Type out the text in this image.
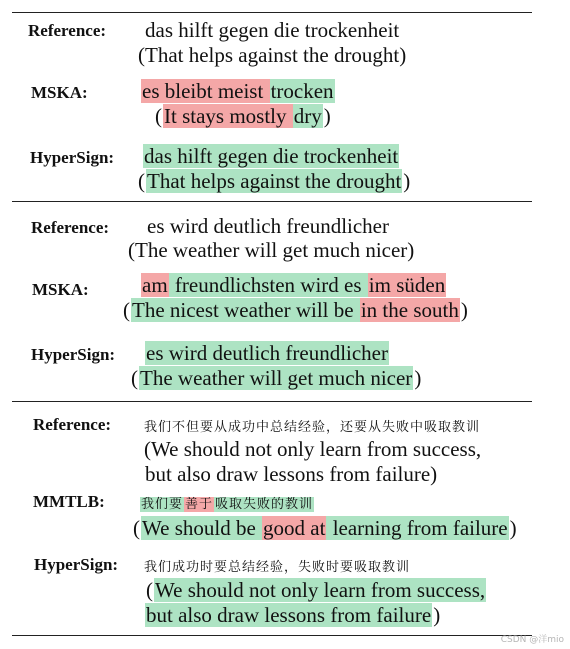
Reference: das hilft gegen die trockenheit
(That helps against the drought)
MSKA:	es bleibt meist trocken
(It stays mostly dry)
HyperSign: das hilft gegen die trockenheit
(That helps against the drought)
Reference: es wird deutlich freundlicher
(The weather will get much nicer)
MSKA:	am freundlichsten wird es im süden
(The nicest weather will be in the south)
HyperSign: es wird deutlich freundlicher
(The weather will get much nicer)
Reference:	我们不但要从成功中总结经验，还要从失败中吸取教训
(We should not only learn from success,
but also draw lessons from failure)
MMTLB:	我们要 善于 吸取失败的教训
(We should be good at learning from failure)
HyperSign: 我们成功时要总结经验，失败时要吸取教训
(We should not only learn from success,
but also draw lessons from failure)
CSDN @洋mio
